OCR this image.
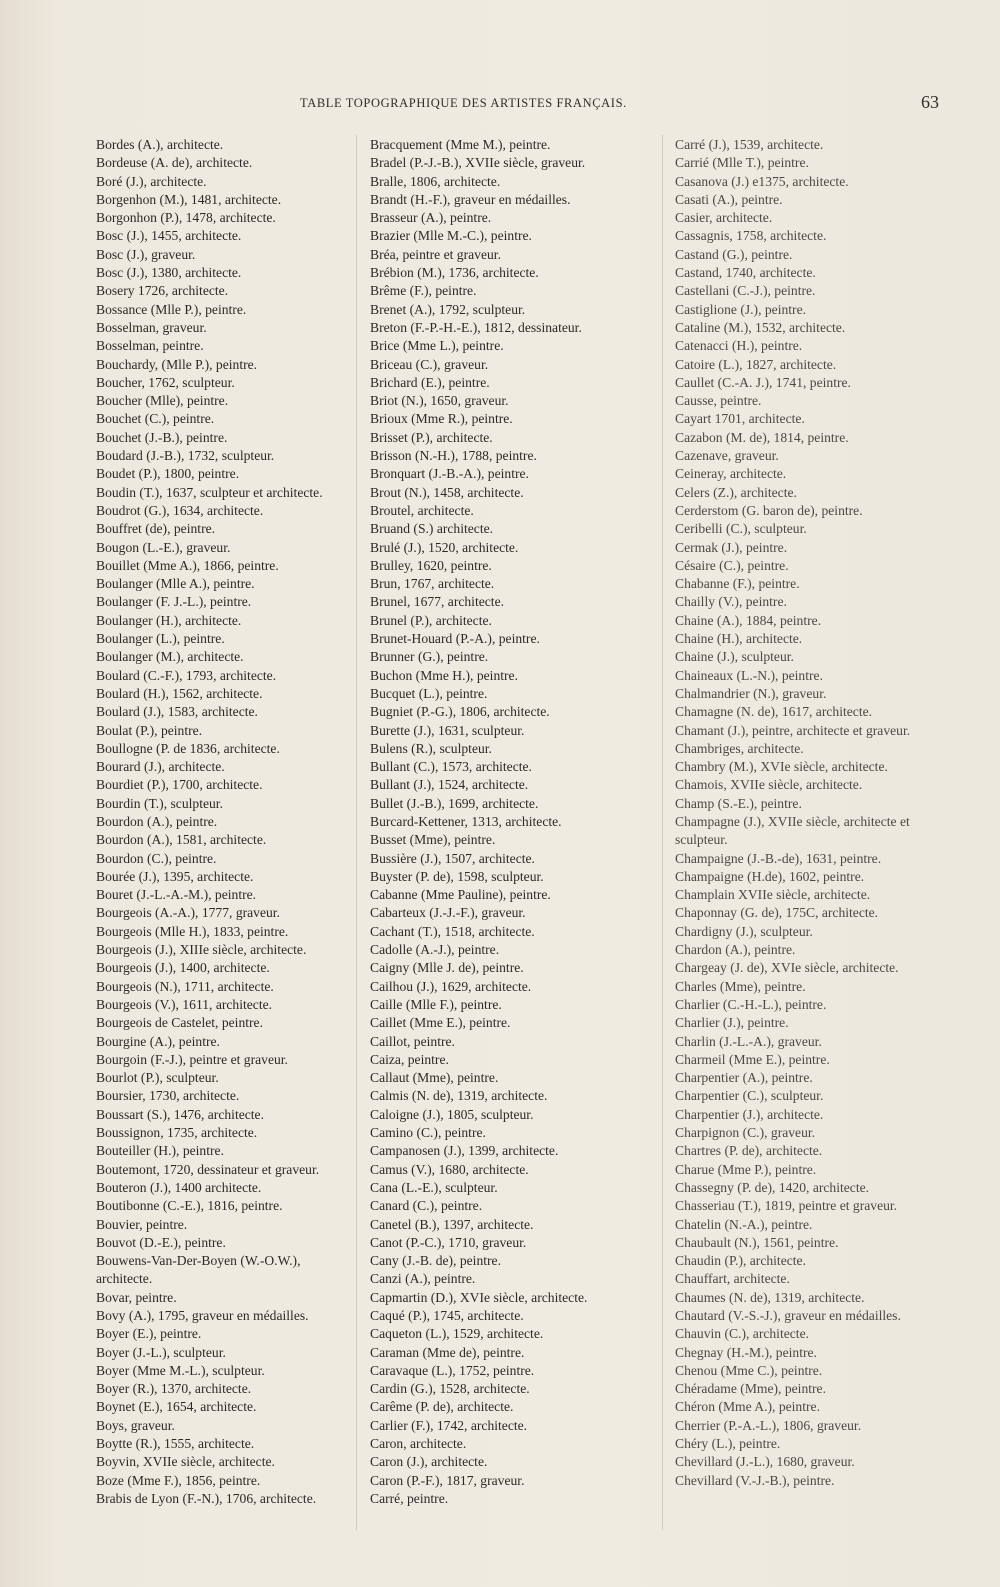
TABLE TOPOGRAPHIQUE DES ARTISTES FRANÇAIS.	63
Bordes (A.), architecte.
Bordeuse (A. de), architecte.
Boré (J.), architecte.
Borgenhon (M.), 1481, architecte.
Borgonhon (P.), 1478, architecte.
Bosc (J.), 1455, architecte.
Bosc (J.), graveur.
Bosc (J.), 1380, architecte.
Bosery 1726, architecte.
Bossance (Mlle P.), peintre.
Bosselman, graveur.
Bosselman, peintre.
Bouchardy, (Mlle P.), peintre.
Boucher, 1762, sculpteur.
Boucher (Mlle), peintre.
Bouchet (C.), peintre.
Bouchet (J.-B.), peintre.
Boudard (J.-B.), 1732, sculpteur.
Boudet (P.), 1800, peintre.
Boudin (T.), 1637, sculpteur et architecte.
Boudrot (G.), 1634, architecte.
Bouffret (de), peintre.
Bougon (L.-E.), graveur.
Bouillet (Mme A.), 1866, peintre.
Boulanger (Mlle A.), peintre.
Boulanger (F. J.-L.), peintre.
Boulanger (H.), architecte.
Boulanger (L.), peintre.
Boulanger (M.), architecte.
Boulard (C.-F.), 1793, architecte.
Boulard (H.), 1562, architecte.
Boulard (J.), 1583, architecte.
Boulat (P.), peintre.
Boullogne (P. de 1836, architecte.
Bourard (J.), architecte.
Bourdiet (P.), 1700, architecte.
Bourdin (T.), sculpteur.
Bourdon (A.), peintre.
Bourdon (A.), 1581, architecte.
Bourdon (C.), peintre.
Bourée (J.), 1395, architecte.
Bouret (J.-L.-A.-M.), peintre.
Bourgeois (A.-A.), 1777, graveur.
Bourgeois (Mlle H.), 1833, peintre.
Bourgeois (J.), XIIIe siècle, architecte.
Bourgeois (J.), 1400, architecte.
Bourgeois (N.), 1711, architecte.
Bourgeois (V.), 1611, architecte.
Bourgeois de Castelet, peintre.
Bourgine (A.), peintre.
Bourgoin (F.-J.), peintre et graveur.
Bourlot (P.), sculpteur.
Boursier, 1730, architecte.
Boussart (S.), 1476, architecte.
Boussignon, 1735, architecte.
Bouteiller (H.), peintre.
Boutemont, 1720, dessinateur et graveur.
Bouteron (J.), 1400 architecte.
Boutibonne (C.-E.), 1816, peintre.
Bouvier, peintre.
Bouvot (D.-E.), peintre.
Bouwens-Van-Der-Boyen (W.-O.W.), architecte.
Bovar, peintre.
Bovy (A.), 1795, graveur en médailles.
Boyer (E.), peintre.
Boyer (J.-L.), sculpteur.
Boyer (Mme M.-L.), sculpteur.
Boyer (R.), 1370, architecte.
Boynet (E.), 1654, architecte.
Boys, graveur.
Boytte (R.), 1555, architecte.
Boyvin, XVIIe siècle, architecte.
Boze (Mme F.), 1856, peintre.
Brabis de Lyon (F.-N.), 1706, architecte.
Bracquement (Mme M.), peintre.
Bradel (P.-J.-B.), XVIIe siècle, graveur.
Bralle, 1806, architecte.
Brandt (H.-F.), graveur en médailles.
Brasseur (A.), peintre.
Brazier (Mlle M.-C.), peintre.
Bréa, peintre et graveur.
Brébion (M.), 1736, architecte.
Brême (F.), peintre.
Brenet (A.), 1792, sculpteur.
Breton (F.-P.-H.-E.), 1812, dessinateur.
Brice (Mme L.), peintre.
Briceau (C.), graveur.
Brichard (E.), peintre.
Briot (N.), 1650, graveur.
Brioux (Mme R.), peintre.
Brisset (P.), architecte.
Brisson (N.-H.), 1788, peintre.
Bronquart (J.-B.-A.), peintre.
Brout (N.), 1458, architecte.
Broutel, architecte.
Bruand (S.) architecte.
Brulé (J.), 1520, architecte.
Brulley, 1620, peintre.
Brun, 1767, architecte.
Brunel, 1677, architecte.
Brunel (P.), architecte.
Brunet-Houard (P.-A.), peintre.
Brunner (G.), peintre.
Buchon (Mme H.), peintre.
Bucquet (L.), peintre.
Bugniet (P.-G.), 1806, architecte.
Burette (J.), 1631, sculpteur.
Bulens (R.), sculpteur.
Bullant (C.), 1573, architecte.
Bullant (J.), 1524, architecte.
Bullet (J.-B.), 1699, architecte.
Burcard-Kettener, 1313, architecte.
Busset (Mme), peintre.
Bussière (J.), 1507, architecte.
Buyster (P. de), 1598, sculpteur.
Cabanne (Mme Pauline), peintre.
Cabarteux (J.-J.-F.), graveur.
Cachant (T.), 1518, architecte.
Cadolle (A.-J.), peintre.
Caigny (Mlle J. de), peintre.
Cailhou (J.), 1629, architecte.
Caille (Mlle F.), peintre.
Caillet (Mme E.), peintre.
Caillot, peintre.
Caiza, peintre.
Callaut (Mme), peintre.
Calmis (N. de), 1319, architecte.
Caloigne (J.), 1805, sculpteur.
Camino (C.), peintre.
Campanosen (J.), 1399, architecte.
Camus (V.), 1680, architecte.
Cana (L.-E.), sculpteur.
Canard (C.), peintre.
Canetel (B.), 1397, architecte.
Canot (P.-C.), 1710, graveur.
Cany (J.-B. de), peintre.
Canzi (A.), peintre.
Capmartin (D.), XVIe siècle, architecte.
Caqué (P.), 1745, architecte.
Caqueton (L.), 1529, architecte.
Caraman (Mme de), peintre.
Caravaque (L.), 1752, peintre.
Cardin (G.), 1528, architecte.
Carême (P. de), architecte.
Carlier (F.), 1742, architecte.
Caron, architecte.
Caron (J.), architecte.
Caron (P.-F.), 1817, graveur.
Carré, peintre.
Carré (J.), 1539, architecte.
Carrié (Mlle T.), peintre.
Casanova (J.) e1375, architecte.
Casati (A.), peintre.
Casier, architecte.
Cassagnis, 1758, architecte.
Castand (G.), peintre.
Castand, 1740, architecte.
Castellani (C.-J.), peintre.
Castiglione (J.), peintre.
Cataline (M.), 1532, architecte.
Catenacci (H.), peintre.
Catoire (L.), 1827, architecte.
Caullet (C.-A. J.), 1741, peintre.
Causse, peintre.
Cayart 1701, architecte.
Cazabon (M. de), 1814, peintre.
Cazenave, graveur.
Ceineray, architecte.
Celers (Z.), architecte.
Cerderstom (G. baron de), peintre.
Ceribelli (C.), sculpteur.
Cermak (J.), peintre.
Césaire (C.), peintre.
Chabanne (F.), peintre.
Chailly (V.), peintre.
Chaine (A.), 1884, peintre.
Chaine (H.), architecte.
Chaine (J.), sculpteur.
Chaineaux (L.-N.), peintre.
Chalmandrier (N.), graveur.
Chamagne (N. de), 1617, architecte.
Chamant (J.), peintre, architecte et graveur.
Chambriges, architecte.
Chambry (M.), XVIe siècle, architecte.
Chamois, XVIIe siècle, architecte.
Champ (S.-E.), peintre.
Champagne (J.), XVIIe siècle, architecte et sculpteur.
Champaigne (J.-B.-de), 1631, peintre.
Champaigne (H.de), 1602, peintre.
Champlain XVIIe siècle, architecte.
Chaponnay (G. de), 175C, architecte.
Chardigny (J.), sculpteur.
Chardon (A.), peintre.
Chargeay (J. de), XVIe siècle, architecte.
Charles (Mme), peintre.
Charlier (C.-H.-L.), peintre.
Charlier (J.), peintre.
Charlin (J.-L.-A.), graveur.
Charmeil (Mme E.), peintre.
Charpentier (A.), peintre.
Charpentier (C.), sculpteur.
Charpentier (J.), architecte.
Charpignon (C.), graveur.
Chartres (P. de), architecte.
Charue (Mme P.), peintre.
Chassegny (P. de), 1420, architecte.
Chasseriau (T.), 1819, peintre et graveur.
Chatelin (N.-A.), peintre.
Chaubault (N.), 1561, peintre.
Chaudin (P.), architecte.
Chauffart, architecte.
Chaumes (N. de), 1319, architecte.
Chautard (V.-S.-J.), graveur en médailles.
Chauvin (C.), architecte.
Chegnay (H.-M.), peintre.
Chenou (Mme C.), peintre.
Chéradame (Mme), peintre.
Chéron (Mme A.), peintre.
Cherrier (P.-A.-L.), 1806, graveur.
Chéry (L.), peintre.
Chevillard (J.-L.), 1680, graveur.
Chevillard (V.-J.-B.), peintre.
